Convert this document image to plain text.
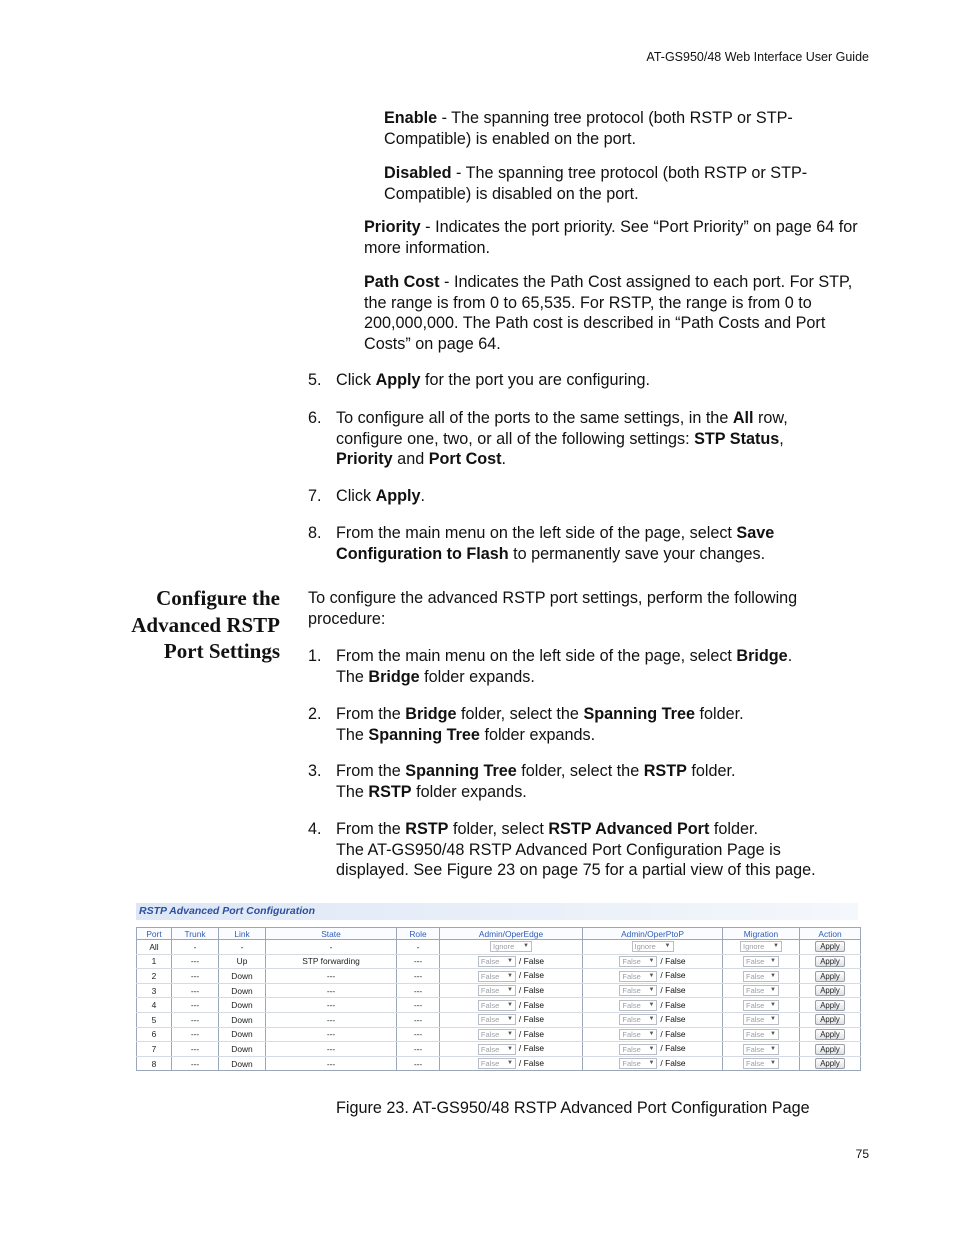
AT-GS950/48 Web Interface User Guide

Enable - The spanning tree protocol (both RSTP or STP-Compatible) is enabled on the port.

Disabled - The spanning tree protocol (both RSTP or STP-Compatible) is disabled on the port.

Priority - Indicates the port priority. See “Port Priority” on page 64 for more information.

Path Cost - Indicates the Path Cost assigned to each port. For STP, the range is from 0 to 65,535. For RSTP, the range is from 0 to 200,000,000. The Path cost is described in “Path Costs and Port Costs” on page 64.

5. Click Apply for the port you are configuring.
6. To configure all of the ports to the same settings, in the All row, configure one, two, or all of the following settings: STP Status, Priority and Port Cost.
7. Click Apply.
8. From the main menu on the left side of the page, select Save Configuration to Flash to permanently save your changes.
Configure the Advanced RSTP Port Settings

To configure the advanced RSTP port settings, perform the following procedure:

1. From the main menu on the left side of the page, select Bridge.
The Bridge folder expands.
2. From the Bridge folder, select the Spanning Tree folder.
The Spanning Tree folder expands.
3. From the Spanning Tree folder, select the RSTP folder.
The RSTP folder expands.
4. From the RSTP folder, select RSTP Advanced Port folder.
The AT-GS950/48 RSTP Advanced Port Configuration Page is displayed. See Figure 23 on page 75 for a partial view of this page.
RSTP Advanced Port Configuration
Port	Trunk	Link	State	Role	Admin/OperEdge	Admin/OperPtoP	Migration	Action
All	-	-	-	-	Ignore ▼	Ignore ▼	Ignore ▼	Apply
1	---	Up	STP forwarding	---	False ▼ / False	False ▼ / False	False ▼	Apply
2	---	Down	---	---	False ▼ / False	False ▼ / False	False ▼	Apply
3	---	Down	---	---	False ▼ / False	False ▼ / False	False ▼	Apply
4	---	Down	---	---	False ▼ / False	False ▼ / False	False ▼	Apply
5	---	Down	---	---	False ▼ / False	False ▼ / False	False ▼	Apply
6	---	Down	---	---	False ▼ / False	False ▼ / False	False ▼	Apply
7	---	Down	---	---	False ▼ / False	False ▼ / False	False ▼	Apply
8	---	Down	---	---	False ▼ / False	False ▼ / False	False ▼	Apply
Figure 23. AT-GS950/48 RSTP Advanced Port Configuration Page
75
